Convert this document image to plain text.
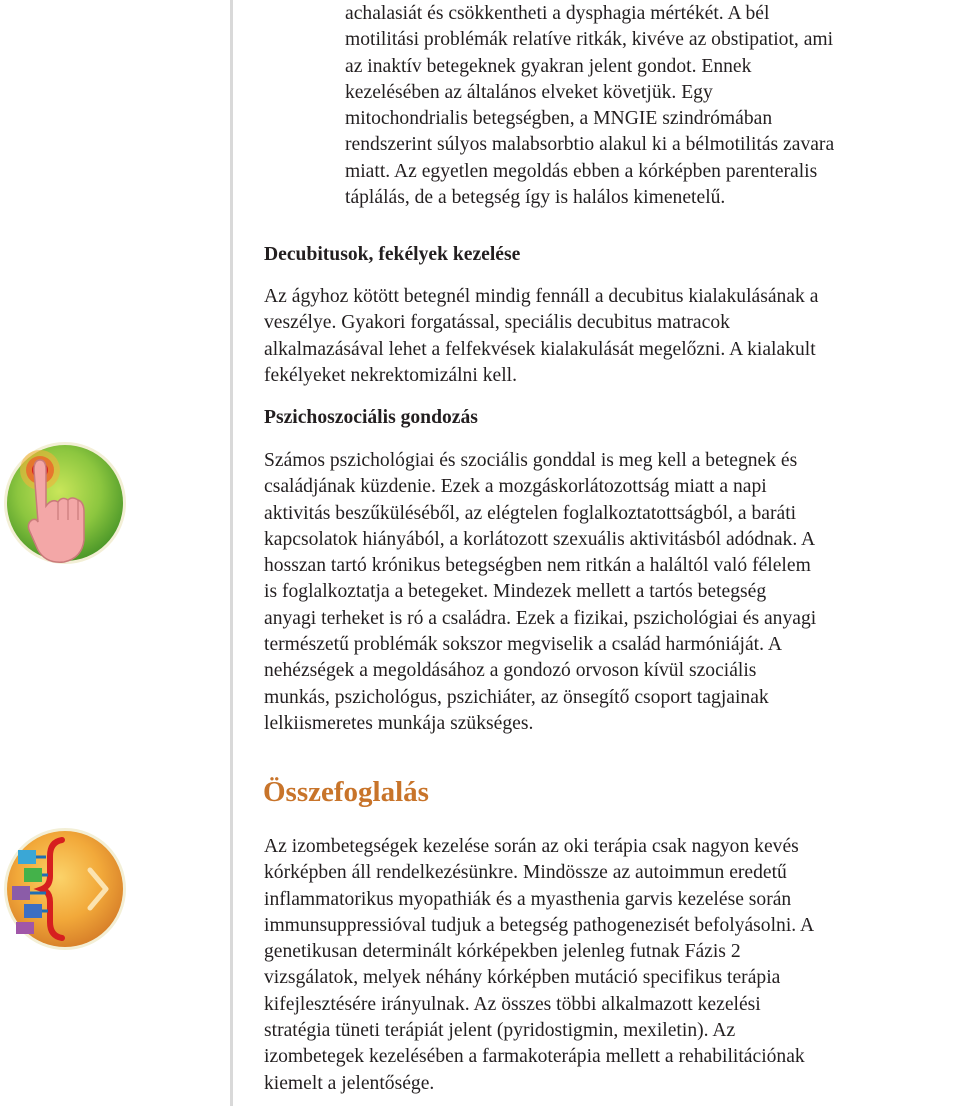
achalasiát és csökkentheti a dysphagia mértékét. A bél
motilitási problémák relatíve ritkák, kivéve az obstipatiot, ami
az inaktív betegeknek gyakran jelent gondot. Ennek
kezelésében az általános elveket követjük. Egy
mitochondrialis betegségben, a MNGIE szindrómában
rendszerint súlyos malabsorbtio alakul ki a bélmotilitás zavara
miatt. Az egyetlen megoldás ebben a kórképben parenteralis
táplálás, de a betegség így is halálos kimenetelű.

Decubitusok, fekélyek kezelése

Az ágyhoz kötött betegnél mindig fennáll a decubitus kialakulásának a
veszélye. Gyakori forgatással, speciális decubitus matracok
alkalmazásával lehet a felfekvések kialakulását megelőzni. A kialakult
fekélyeket nekrektomizálni kell.

Pszichoszociális gondozás

Számos pszichológiai és szociális gonddal is meg kell a betegnek és
családjának küzdenie. Ezek a mozgáskorlátozottság miatt a napi
aktivitás beszűküléséből, az elégtelen foglalkoztatottságból, a baráti
kapcsolatok hiányából, a korlátozott szexuális aktivitásból adódnak. A
hosszan tartó krónikus betegségben nem ritkán a haláltól való félelem
is foglalkoztatja a betegeket. Mindezek mellett a tartós betegség
anyagi terheket is ró a családra. Ezek a fizikai, pszichológiai és anyagi
természetű problémák sokszor megviselik a család harmóniáját. A
nehézségek a megoldásához a gondozó orvoson kívül szociális
munkás, pszichológus, pszichiáter, az önsegítő csoport tagjainak
lelkiismeretes munkája szükséges.

Összefoglalás

Az izombetegségek kezelése során az oki terápia csak nagyon kevés
kórképben áll rendelkezésünkre. Mindössze az autoimmun eredetű
inflammatorikus myopathiák és a myasthenia garvis kezelése során
immunsuppressióval tudjuk a betegség pathogenezisét befolyásolni. A
genetikusan determinált kórképekben jelenleg futnak Fázis 2
vizsgálatok, melyek néhány kórképben mutáció specifikus terápia
kifejlesztésére irányulnak. Az összes többi alkalmazott kezelési
stratégia tüneti terápiát jelent (pyridostigmin, mexiletin). Az
izombetegek kezelésében a farmakoterápia mellett a rehabilitációnak
kiemelt a jelentősége.
